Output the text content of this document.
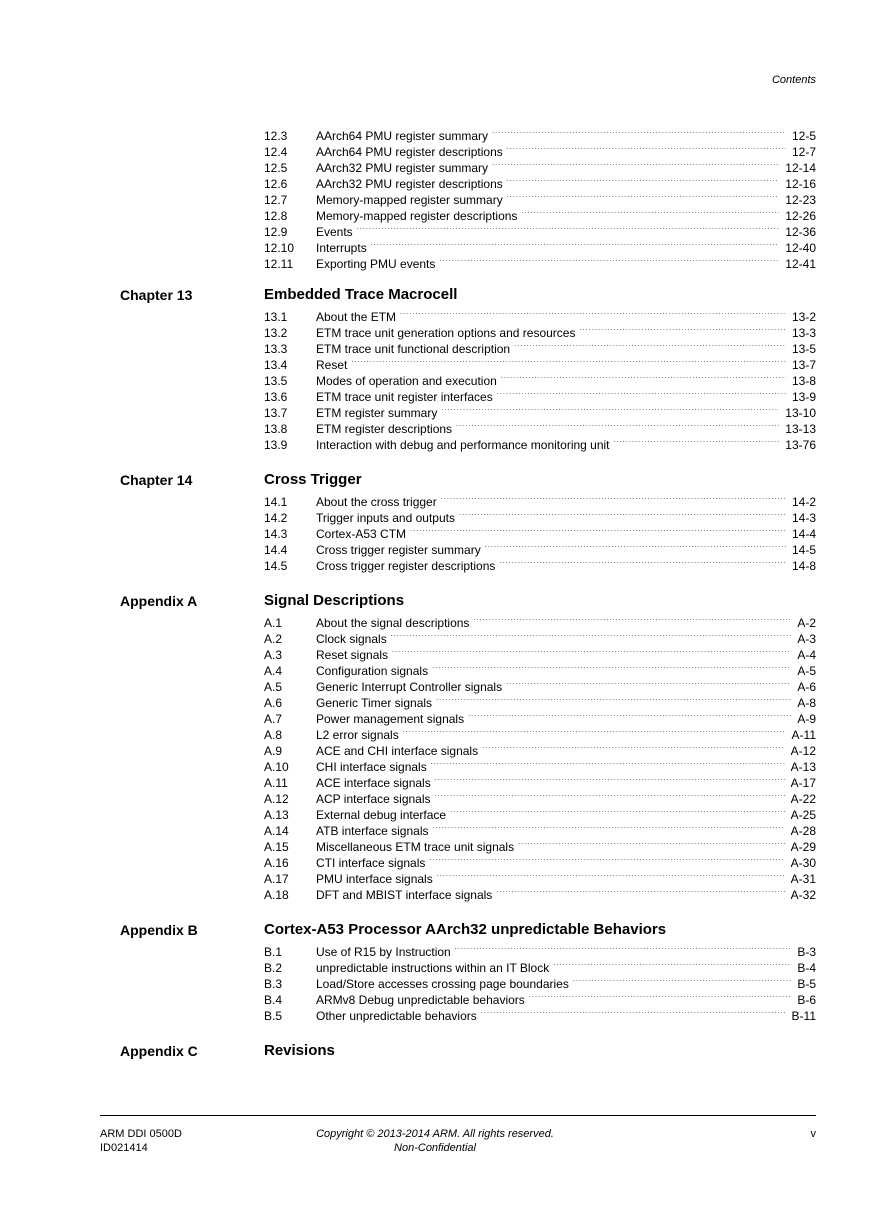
Contents
12.3	AArch64 PMU register summary . . .	12-5
12.4	AArch64 PMU register descriptions . . .	12-7
12.5	AArch32 PMU register summary . . .	12-14
12.6	AArch32 PMU register descriptions . . .	12-16
12.7	Memory-mapped register summary . . .	12-23
12.8	Memory-mapped register descriptions . . .	12-26
12.9	Events . . .	12-36
12.10	Interrupts . . .	12-40
12.11	Exporting PMU events . . .	12-41
Chapter 13	Embedded Trace Macrocell
13.1	About the ETM . . .	13-2
13.2	ETM trace unit generation options and resources . . .	13-3
13.3	ETM trace unit functional description . . .	13-5
13.4	Reset . . .	13-7
13.5	Modes of operation and execution . . .	13-8
13.6	ETM trace unit register interfaces . . .	13-9
13.7	ETM register summary . . .	13-10
13.8	ETM register descriptions . . .	13-13
13.9	Interaction with debug and performance monitoring unit . . .	13-76
Chapter 14	Cross Trigger
14.1	About the cross trigger . . .	14-2
14.2	Trigger inputs and outputs . . .	14-3
14.3	Cortex-A53 CTM . . .	14-4
14.4	Cross trigger register summary . . .	14-5
14.5	Cross trigger register descriptions . . .	14-8
Appendix A	Signal Descriptions
A.1	About the signal descriptions . . .	A-2
A.2	Clock signals . . .	A-3
A.3	Reset signals . . .	A-4
A.4	Configuration signals . . .	A-5
A.5	Generic Interrupt Controller signals . . .	A-6
A.6	Generic Timer signals . . .	A-8
A.7	Power management signals . . .	A-9
A.8	L2 error signals . . .	A-11
A.9	ACE and CHI interface signals . . .	A-12
A.10	CHI interface signals . . .	A-13
A.11	ACE interface signals . . .	A-17
A.12	ACP interface signals . . .	A-22
A.13	External debug interface . . .	A-25
A.14	ATB interface signals . . .	A-28
A.15	Miscellaneous ETM trace unit signals . . .	A-29
A.16	CTI interface signals . . .	A-30
A.17	PMU interface signals . . .	A-31
A.18	DFT and MBIST interface signals . . .	A-32
Appendix B	Cortex-A53 Processor AArch32 unpredictable Behaviors
B.1	Use of R15 by Instruction . . .	B-3
B.2	unpredictable instructions within an IT Block . . .	B-4
B.3	Load/Store accesses crossing page boundaries . . .	B-5
B.4	ARMv8 Debug unpredictable behaviors . . .	B-6
B.5	Other unpredictable behaviors . . .	B-11
Appendix C	Revisions
ARM DDI 0500D
ID021414
Copyright © 2013-2014 ARM. All rights reserved.
Non-Confidential
v
